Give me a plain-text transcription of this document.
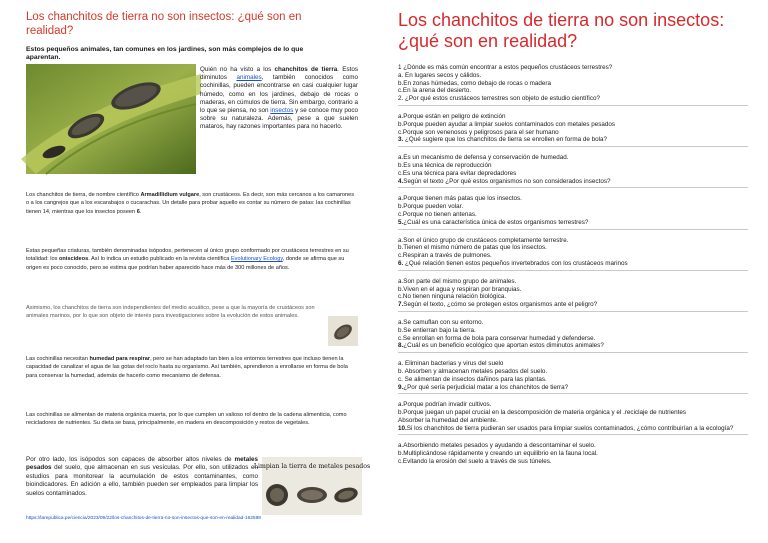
Los chanchitos de tierra no son insectos: ¿qué son en realidad?

Estos pequeños animales, tan comunes en los jardines, son más complejos de lo que aparentan.

Quién no ha visto a los chanchitos de tierra. Estos diminutos animales, también conocidos como cochinillas, pueden encontrarse en casi cualquier lugar húmedo, como en los jardines, debajo de rocas o maderas, en cúmulos de tierra. Sin embargo, contrario a lo que se piensa, no son insectos y se conoce muy poco sobre su naturaleza. Además, pese a que suelen mataros, hay razones importantes para no hacerlo.

Los chanchitos de tierra, de nombre científico Armadillidium vulgare, son crustáceos. Es decir, son más cercanos a los camarones o a los cangrejos que a los escarabajos o cucarachas. Un detalle para probar aquello es contar su número de patas: las cochinillas tienen 14, mientras que los insectos poseen 6.

Estas pequeñas criaturas, también denominadas isópodos, pertenecen al único grupo conformado por crustáceos terrestres en su totalidad: los oniscideos. Así lo indica un estudio publicado en la revista científica Evolutionary Ecology, donde se afirma que su origen es poco conocido, pero se estima que podrían haber aparecido hace más de 300 millones de años.

Asimismo, los chanchitos de tierra son independientes del medio acuático, pese a que la mayoría de crustáceos son animales marinos, por lo que son objeto de interés para investigaciones sobre la evolución de estos animales.

Las cochinillas necesitan humedad para respirar, pero se han adaptado tan bien a los entornos terrestres que incluso tienen la capacidad de canalizar el agua de las gotas del rocío hasta su organismo. Así también, aprendieron a enrollarse en forma de bola para conservar la humedad, además de hacerlo como mecanismo de defensa.

Las cochinillas se alimentan de materia orgánica muerta, por lo que cumplen un valioso rol dentro de la cadena alimenticia, como recicladores de nutrientes. Su dieta se basa, principalmente, en madera en descomposición y restos de vegetales.

Por otro lado, los isópodos son capaces de absorber altos niveles de metales pesados del suelo, que almacenan en sus vesículas. Por ello, son utilizados en estudios para monitorear la acumulación de estos contaminantes, como bioindicadores. En adición a ello, también pueden ser empleados para limpiar los suelos contaminados.

Limpian la tierra de metales pesados
https://larepublica.pe/ciencia/2023/09/22/los-chanchitos-de-tierra-no-son-insectos-que-son-en-realidad-162598
Los chanchitos de tierra no son insectos: ¿qué son en realidad?
1 ¿Dónde es más común encontrar a estos pequeños crustáceos terrestres?
a. En lugares secos y cálidos.
b.En zonas húmedas, como debajo de rocas o madera
c.En la arena del desierto.
2. ¿Por qué estos crustáceos terrestres son objeto de estudio científico?
a.Porque están en peligro de extinción
b.Porque pueden ayudar a limpiar suelos contaminados con metales pesados
c.Porque son venenosos y peligrosos para el ser humano
3. ¿Qué sugiere que los chanchitos de tierra se enrollen en forma de bola?
a.Es un mecanismo de defensa y conservación de humedad.
b.Es una técnica de reproducción
c.Es una técnica para evitar depredadores
4.Según el texto ¿Por qué estos organismos no son considerados insectos?
a.Porque tienen más patas que los insectos.
b.Porque pueden volar.
c.Porque no tienen antenas.
5.¿Cuál es una característica única de estos organismos terrestres?
a.Son el único grupo de crustáceos completamente terrestre.
b.Tienen el mismo número de patas que los insectos.
c.Respiran a través de pulmones.
6. ¿Qué relación tienen estos pequeños invertebrados con los crustáceos marinos
a.Son parte del mismo grupo de animales.
b.Viven en el agua y respiran por branquias.
c.No tienen ninguna relación biológica.
7.Según el texto, ¿cómo se protegen estos organismos ante el peligro?
a.Se camuflan con su entorno.
b.Se entierran bajo la tierra.
c.Se enrollan en forma de bola para conservar humedad y defenderse.
8.¿Cuál es un beneficio ecológico que aportan estos diminutos animales?
a. Eliminan bacterias y virus del suelo
b. Absorben y almacenan metales pesados del suelo.
c. Se alimentan de insectos dañinos para las plantas.
9.¿Por qué sería perjudicial matar a los chanchitos de tierra?
a.Porque podrían invadir cultivos.
b.Porque juegan un papel crucial en la descomposición de materia orgánica y el .reciclaje de nutrientes
Absorber la humedad del ambiente.
10.Si los chanchitos de tierra pudieran ser usados para limpiar suelos contaminados, ¿cómo contribuirían a la ecología?
a.Absorbiendo metales pesados y ayudando a descontaminar el suelo.
b.Multiplicándose rápidamente y creando un equilibrio en la fauna local.
c.Evitando la erosión del suelo a través de sus túneles.
